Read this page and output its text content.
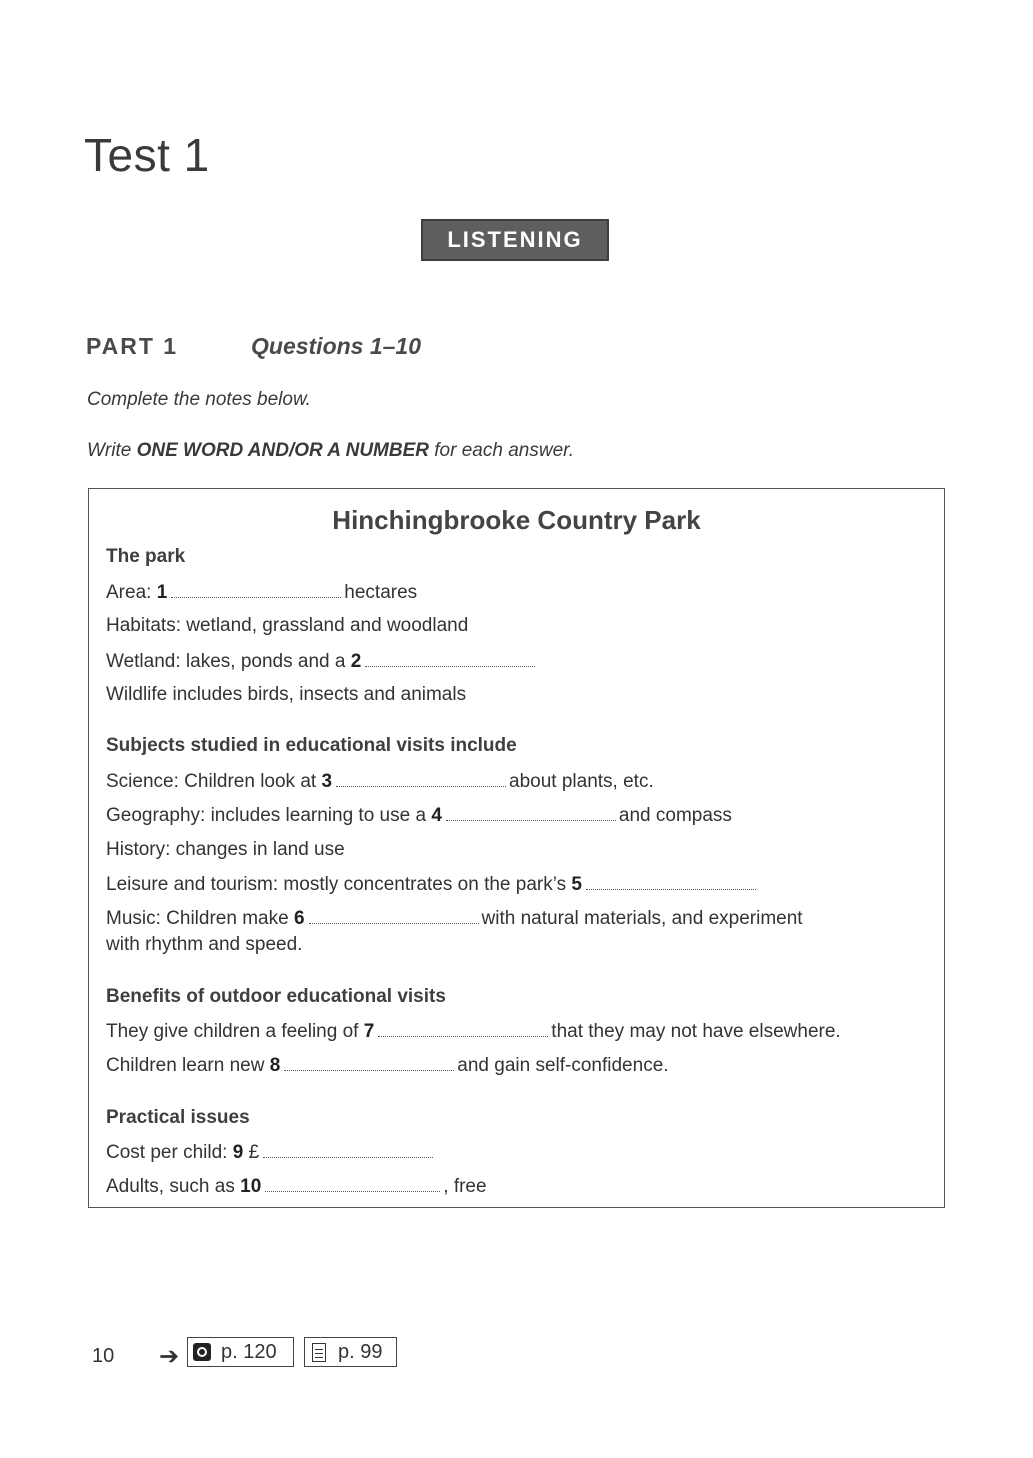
Test 1
LISTENING
PART 1	Questions 1–10
Complete the notes below.
Write ONE WORD AND/OR A NUMBER for each answer.
Hinchingbrooke Country Park
The park
Area: 1	hectares
Habitats: wetland, grassland and woodland
Wetland: lakes, ponds and a 2
Wildlife includes birds, insects and animals
Subjects studied in educational visits include
Science: Children look at 3	about plants, etc.
Geography: includes learning to use a 4	and compass
History: changes in land use
Leisure and tourism: mostly concentrates on the park’s 5
Music: Children make 6	with natural materials, and experiment
with rhythm and speed.
Benefits of outdoor educational visits
They give children a feeling of 7	that they may not have elsewhere.
Children learn new 8	and gain self-confidence.
Practical issues
Cost per child: 9 £
Adults, such as 10	, free
10 ➔ p. 120	p. 99
